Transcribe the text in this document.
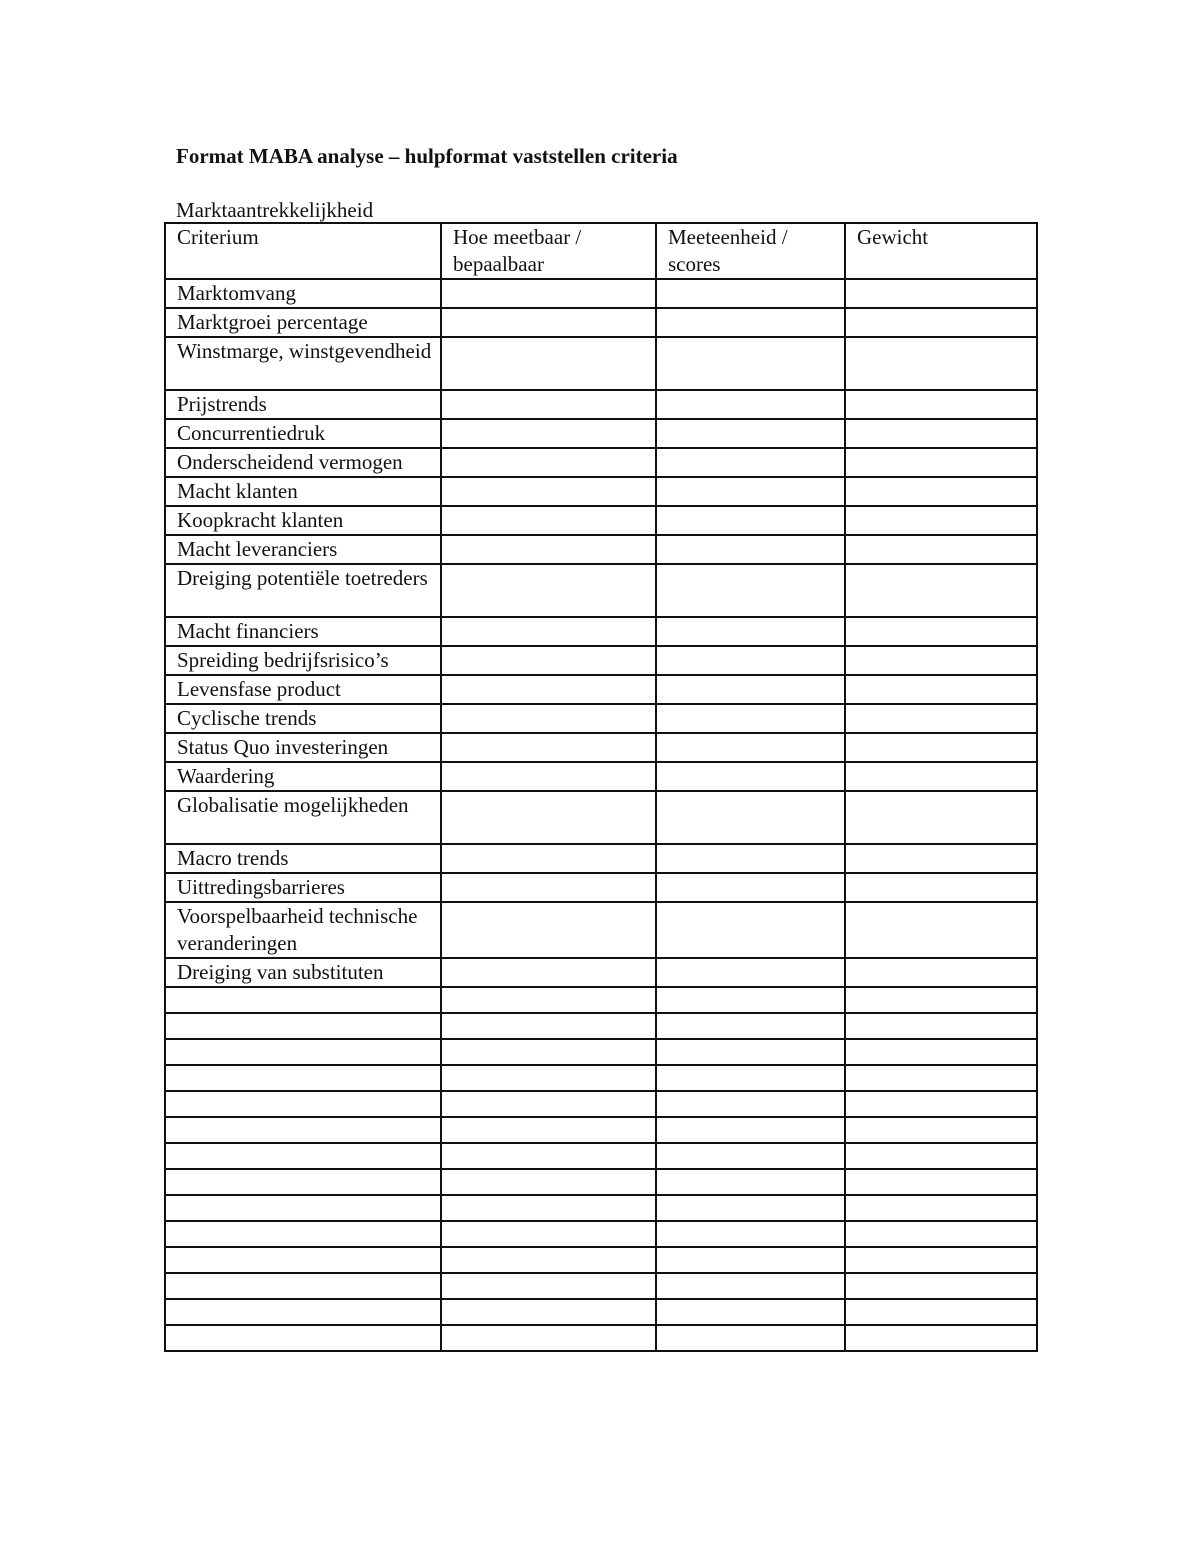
Format MABA analyse – hulpformat vaststellen criteria
Marktaantrekkelijkheid
Criterium	Hoe meetbaar / bepaalbaar	Meeteenheid / scores	Gewicht
Marktomvang			
Marktgroei percentage			
Winstmarge, winstgevendheid			
Prijstrends			
Concurrentiedruk			
Onderscheidend vermogen			
Macht klanten			
Koopkracht klanten			
Macht leveranciers			
Dreiging potentiële toetreders			
Macht financiers			
Spreiding bedrijfsrisico’s			
Levensfase product			
Cyclische trends			
Status Quo investeringen			
Waardering			
Globalisatie mogelijkheden			
Macro trends			
Uittredingsbarrieres			
Voorspelbaarheid technische veranderingen			
Dreiging van substituten			
